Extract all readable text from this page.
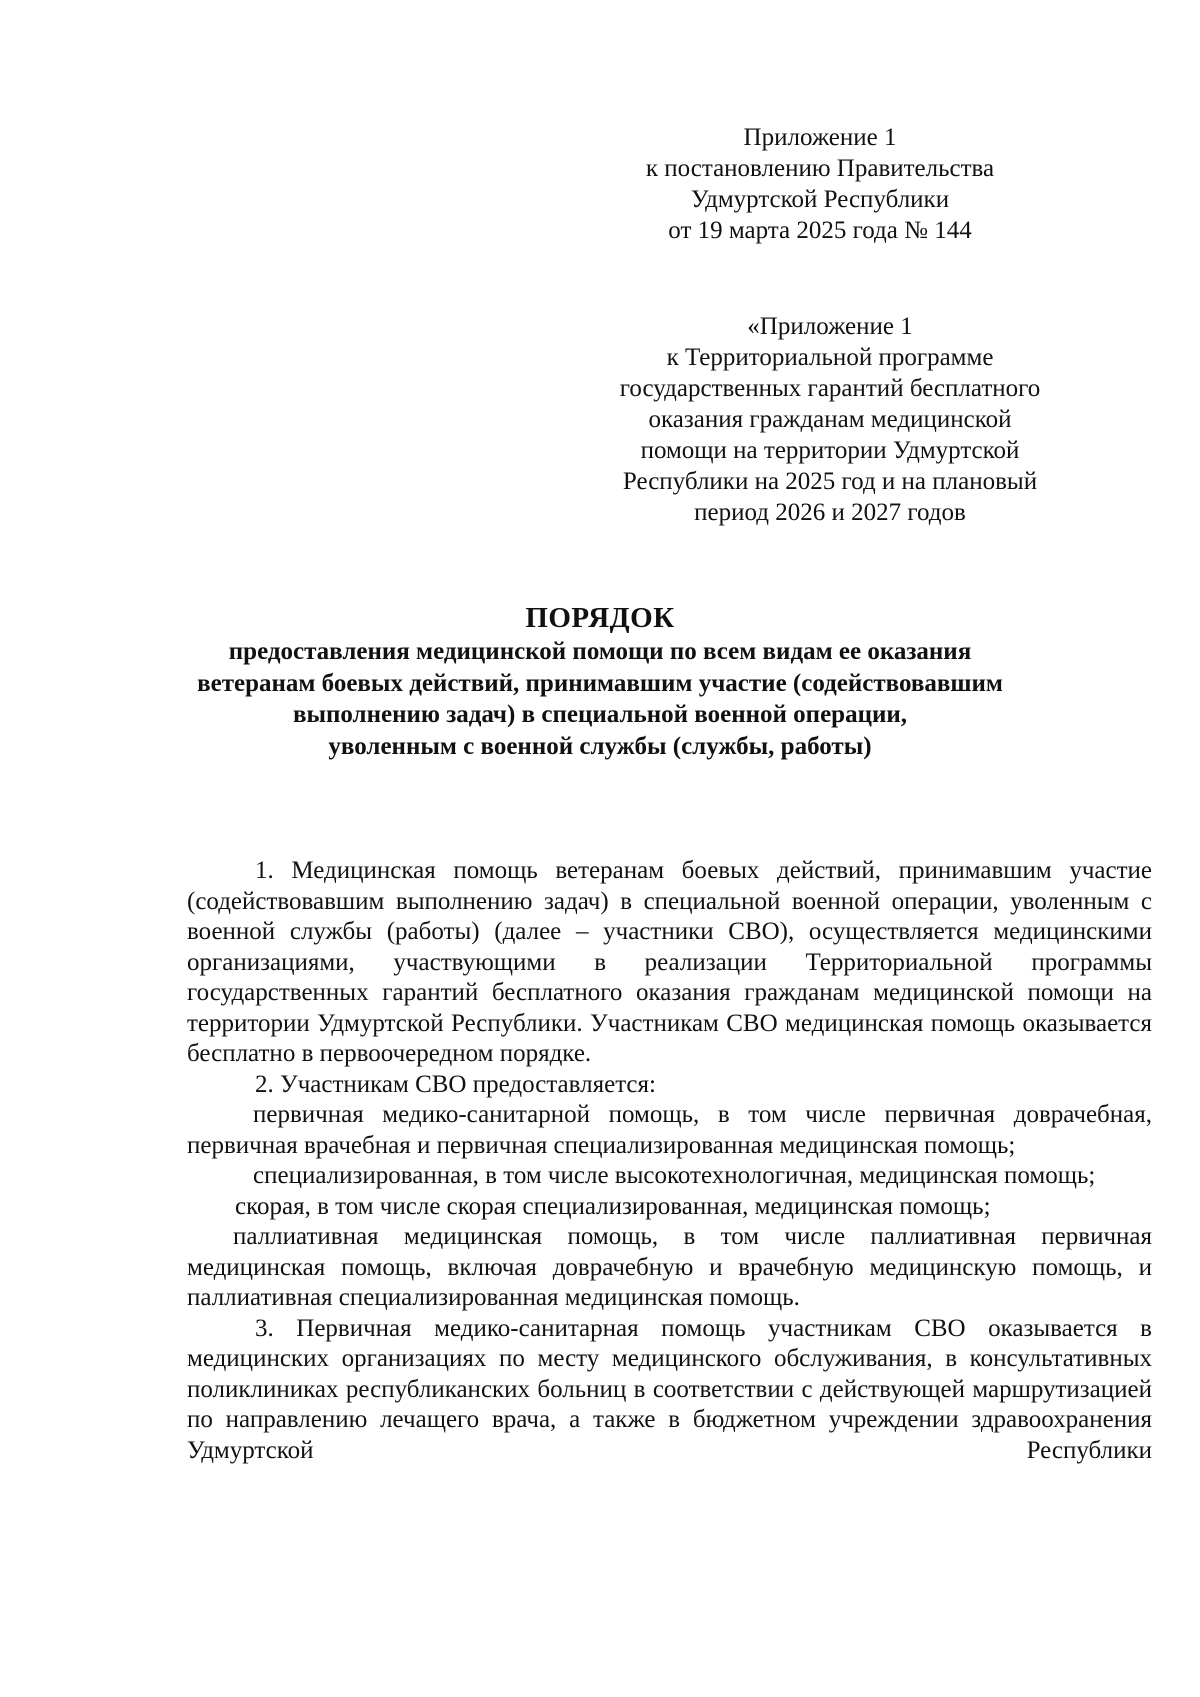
Приложение 1
к постановлению Правительства
Удмуртской Республики
от 19 марта 2025 года № 144
«Приложение 1
к Территориальной программе
государственных гарантий бесплатного
оказания гражданам медицинской
помощи на территории Удмуртской
Республики на 2025 год и на плановый
период 2026 и 2027 годов
ПОРЯДОК
предоставления медицинской помощи по всем видам ее оказания
ветеранам боевых действий, принимавшим участие (содействовавшим
выполнению задач) в специальной военной операции,
уволенным с военной службы (службы, работы)

1. Медицинская помощь ветеранам боевых действий, принимавшим участие (содействовавшим выполнению задач) в специальной военной операции, уволенным с военной службы (работы) (далее – участники СВО), осуществляется медицинскими организациями, участвующими в реализации Территориальной программы государственных гарантий бесплатного оказания гражданам медицинской помощи на территории Удмуртской Республики. Участникам СВО медицинская помощь оказывается бесплатно в первоочередном порядке.

2. Участникам СВО предоставляется:

первичная медико-санитарной помощь, в том числе первичная доврачебная, первичная врачебная и первичная специализированная медицинская помощь;

специализированная, в том числе высокотехнологичная, медицинская помощь;

скорая, в том числе скорая специализированная, медицинская помощь;

паллиативная медицинская помощь, в том числе паллиативная первичная медицинская помощь, включая доврачебную и врачебную медицинскую помощь, и паллиативная специализированная медицинская помощь.

3. Первичная медико-санитарная помощь участникам СВО оказывается в медицинских организациях по месту медицинского обслуживания, в консультативных поликлиниках республиканских больниц в соответствии с действующей маршрутизацией по направлению лечащего врача, а также в бюджетном учреждении здравоохранения Удмуртской Республики
